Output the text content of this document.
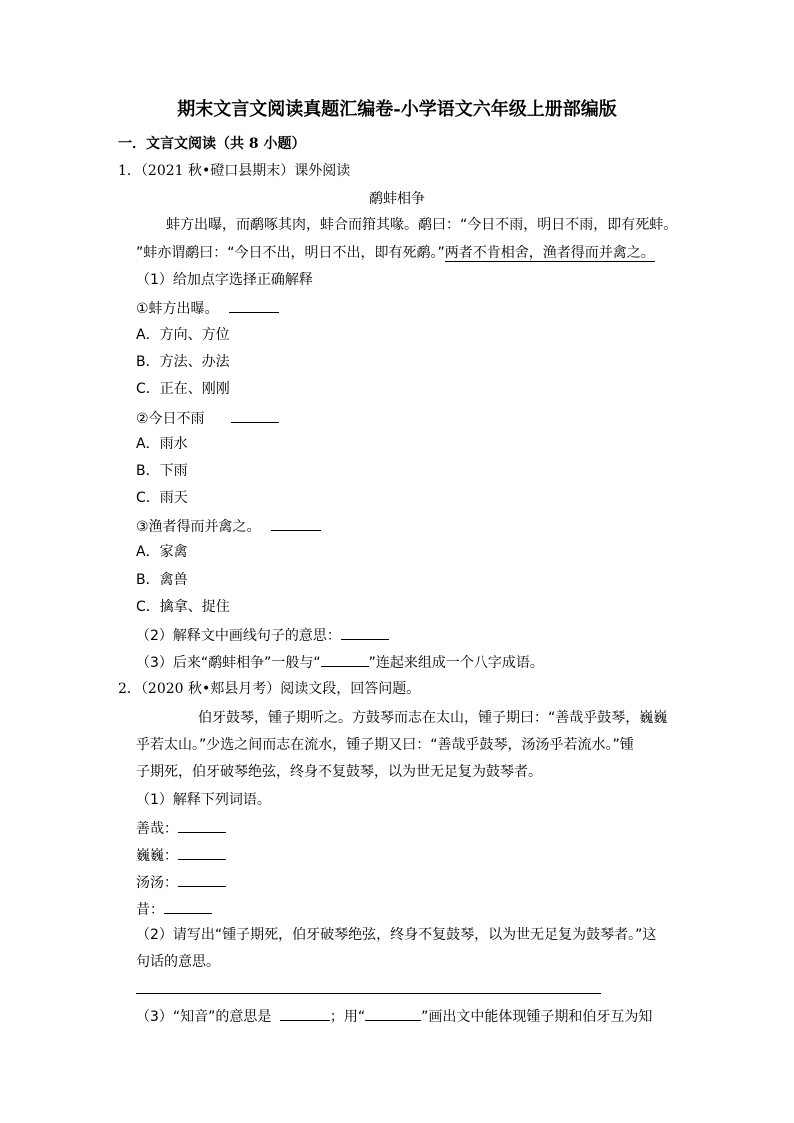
期末文言文阅读真题汇编卷-小学语文六年级上册部编版
一．文言文阅读（共 8 小题）
1．（2021 秋•磴口县期末）课外阅读
鹬蚌相争
蚌方出曝，而鹬啄其肉，蚌合而箝其喙。鹬曰：“今日不雨，明日不雨，即有死蚌。
”蚌亦谓鹬曰：“今日不出，明日不出，即有死鹬。”两者不肯相舍，渔者得而并禽之。
（1）给加点字选择正确解释
①蚌方出曝。
A．方向、方位
B．方法、办法
C．正在、刚刚
②今日不雨
A．雨水
B．下雨
C．雨天
③渔者得而并禽之。
A．家禽
B．禽兽
C．擒拿、捉住
（2）解释文中画线句子的意思：
（3）后来“鹬蚌相争”一般与“	”连起来组成一个八字成语。
2．（2020 秋•郏县月考）阅读文段，回答问题。
伯牙鼓琴，锺子期听之。方鼓琴而志在太山，锺子期曰：“善哉乎鼓琴，巍巍
乎若太山。”少选之间而志在流水，锺子期又曰：“善哉乎鼓琴，汤汤乎若流水。”锺
子期死，伯牙破琴绝弦，终身不复鼓琴，以为世无足复为鼓琴者。
（1）解释下列词语。
善哉：
巍巍：
汤汤：
昔：
（2）请写出“锺子期死，伯牙破琴绝弦，终身不复鼓琴，以为世无足复为鼓琴者。”这
句话的意思。
（3）“知音”的意思是	；用“	”画出文中能体现锺子期和伯牙互为知
